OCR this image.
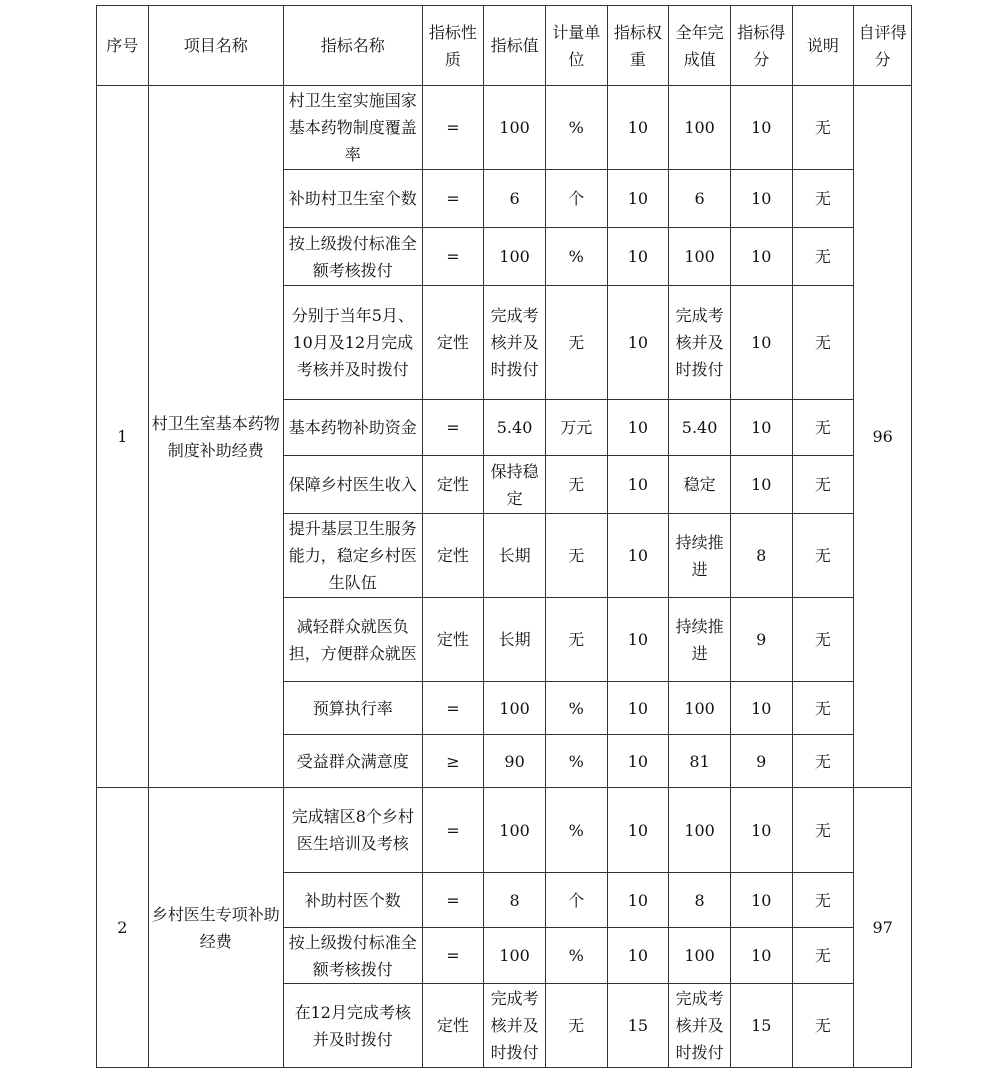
序号	项目名称	指标名称	指标性质	指标值	计量单位	指标权重	全年完成值	指标得分	说明	自评得分
1	村卫生室基本药物制度补助经费	村卫生室实施国家基本药物制度覆盖率	=	100	%	10	100	10	无	96
		补助村卫生室个数	=	6	个	10	6	10	无	
		按上级拨付标准全额考核拨付	=	100	%	10	100	10	无	
		分别于当年5月、10月及12月完成考核并及时拨付	定性	完成考核并及时拨付	无	10	完成考核并及时拨付	10	无	
		基本药物补助资金	=	5.40	万元	10	5.40	10	无	
		保障乡村医生收入	定性	保持稳定	无	10	稳定	10	无	
		提升基层卫生服务能力，稳定乡村医生队伍	定性	长期	无	10	持续推进	8	无	
		减轻群众就医负担，方便群众就医	定性	长期	无	10	持续推进	9	无	
		预算执行率	=	100	%	10	100	10	无	
		受益群众满意度	≥	90	%	10	81	9	无	
2	乡村医生专项补助经费	完成辖区8个乡村医生培训及考核	=	100	%	10	100	10	无	97
		补助村医个数	=	8	个	10	8	10	无	
		按上级拨付标准全额考核拨付	=	100	%	10	100	10	无	
		在12月完成考核并及时拨付	定性	完成考核并及时拨付	无	15	完成考核并及时拨付	15	无	
